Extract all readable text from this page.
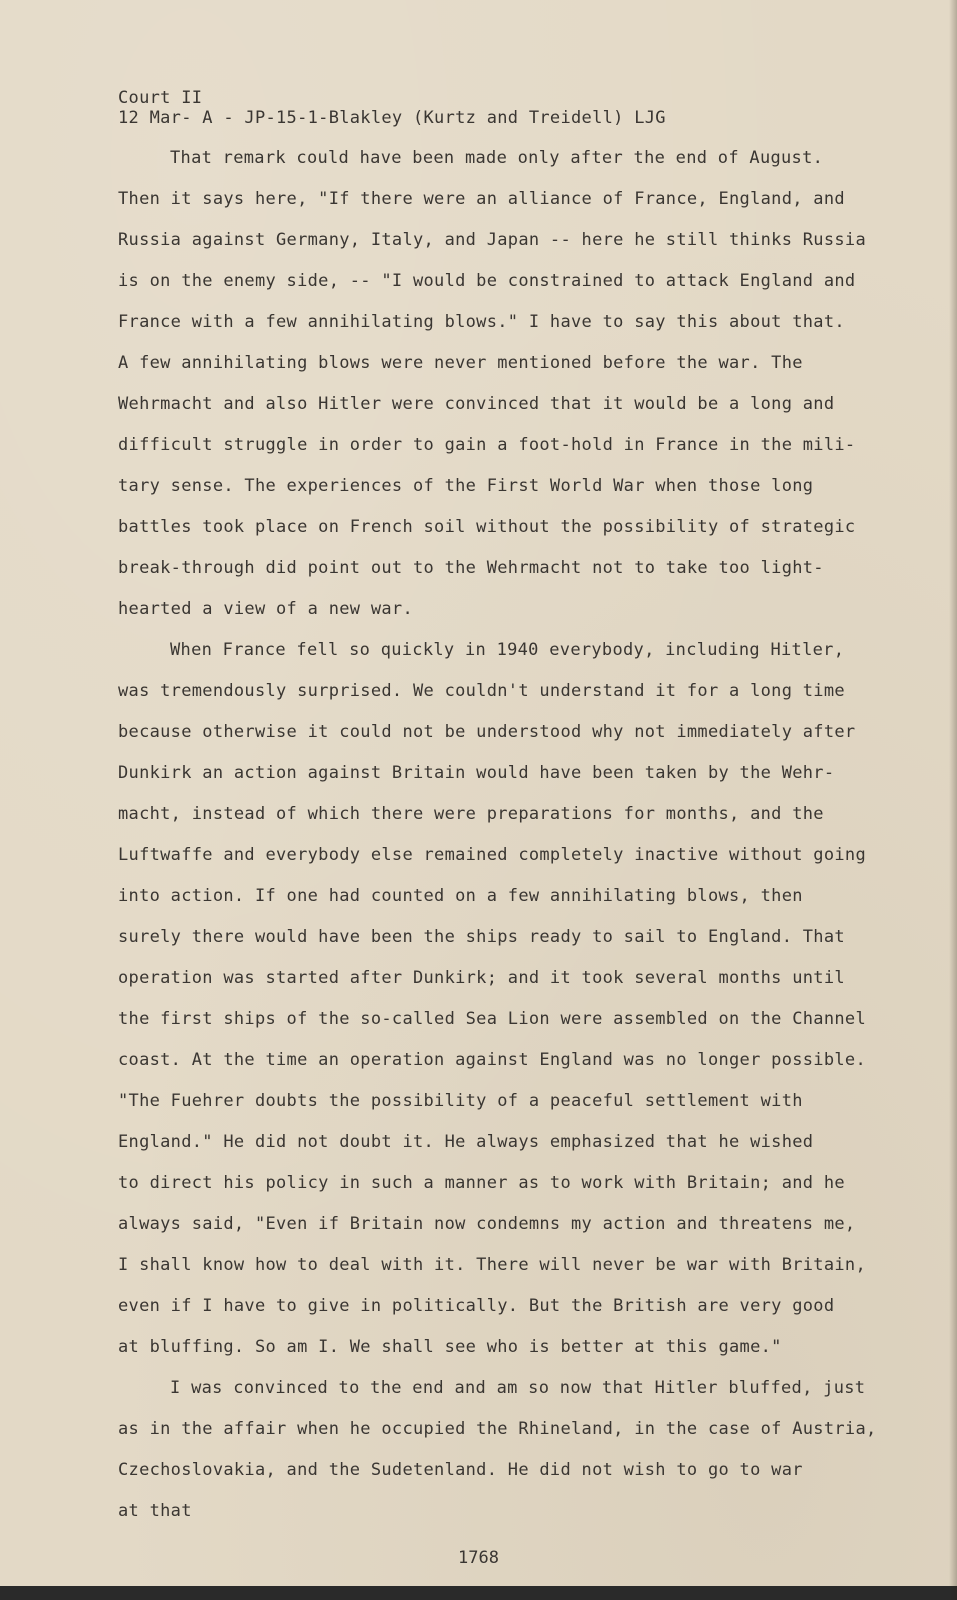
Court II
12 Mar- A - JP-15-1-Blakley (Kurtz and Treidell) LJG
That remark could have been made only after the end of August.
Then it says here, "If there were an alliance of France, England, and
Russia against Germany, Italy, and Japan -- here he still thinks Russia
is on the enemy side, -- "I would be constrained to attack England and
France with a few annihilating blows." I have to say this about that.
A few annihilating blows were never mentioned before the war. The
Wehrmacht and also Hitler were convinced that it would be a long and
difficult struggle in order to gain a foot-hold in France in the mili-
tary sense. The experiences of the First World War when those long
battles took place on French soil without the possibility of strategic
break-through did point out to the Wehrmacht not to take too light-
hearted a view of a new war.
When France fell so quickly in 1940 everybody, including Hitler,
was tremendously surprised. We couldn't understand it for a long time
because otherwise it could not be understood why not immediately after
Dunkirk an action against Britain would have been taken by the Wehr-
macht, instead of which there were preparations for months, and the
Luftwaffe and everybody else remained completely inactive without going
into action. If one had counted on a few annihilating blows, then
surely there would have been the ships ready to sail to England. That
operation was started after Dunkirk; and it took several months until
the first ships of the so-called Sea Lion were assembled on the Channel
coast. At the time an operation against England was no longer possible.
"The Fuehrer doubts the possibility of a peaceful settlement with
England." He did not doubt it. He always emphasized that he wished
to direct his policy in such a manner as to work with Britain; and he
always said, "Even if Britain now condemns my action and threatens me,
I shall know how to deal with it. There will never be war with Britain,
even if I have to give in politically. But the British are very good
at bluffing. So am I. We shall see who is better at this game."
I was convinced to the end and am so now that Hitler bluffed, just
as in the affair when he occupied the Rhineland, in the case of Austria,
Czechoslovakia, and the Sudetenland. He did not wish to go to war
at that
1768
